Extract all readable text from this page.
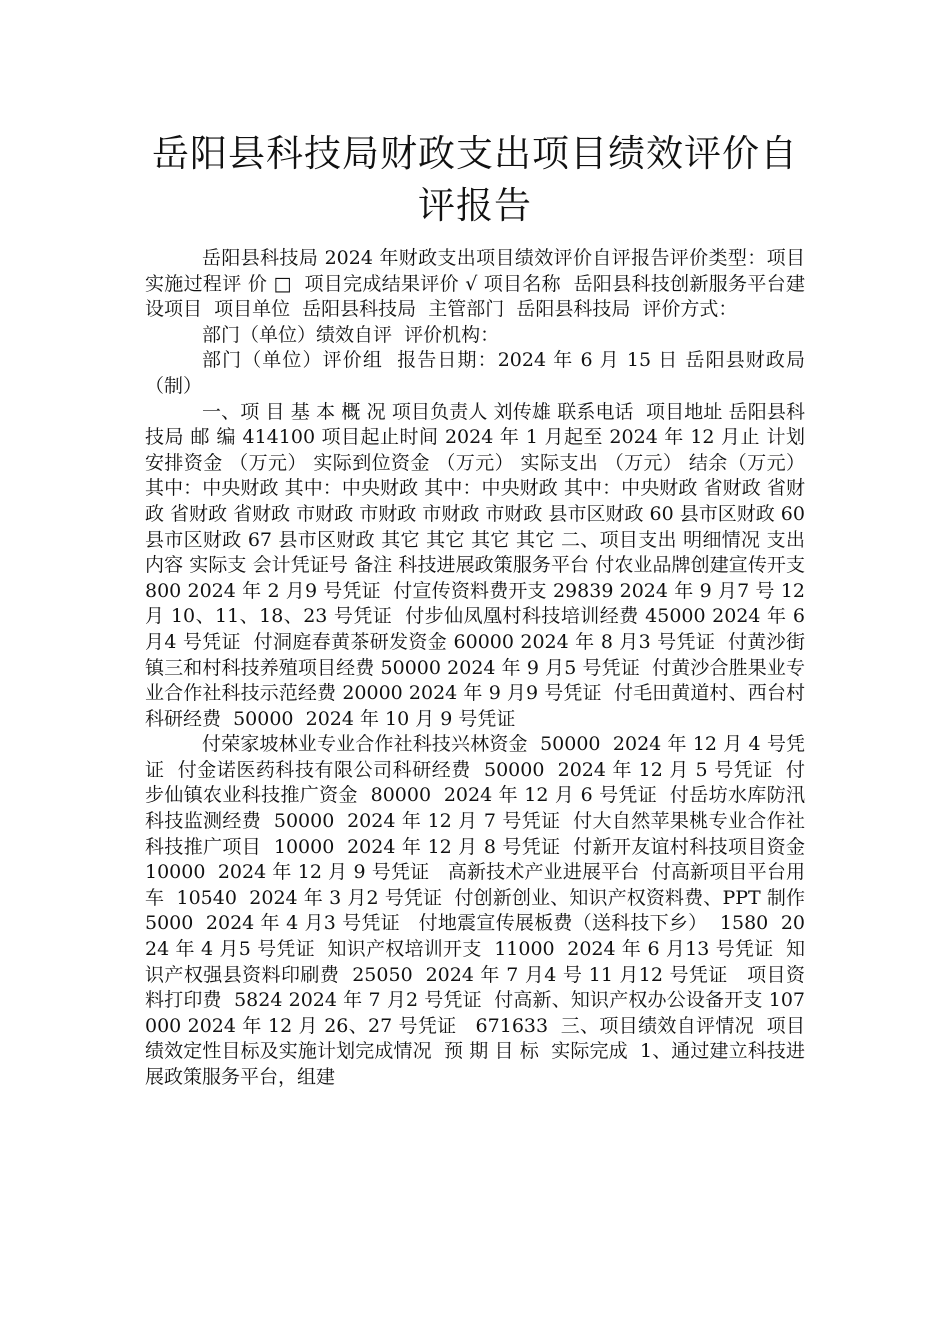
岳阳县科技局财政支出项目绩效评价自评报告

岳阳县科技局 2024 年财政支出项目绩效评价自评报告评价类型：项目实施过程评 价 □  项目完成结果评价 √ 项目名称  岳阳县科技创新服务平台建设项目  项目单位  岳阳县科技局  主管部门  岳阳县科技局  评价方式：

部门（单位）绩效自评  评价机构：

部门（单位）评价组  报告日期：2024 年 6 月 15 日 岳阳县财政局（制）

一、项 目 基 本 概 况 项目负责人 刘传雄 联系电话  项目地址 岳阳县科技局 邮 编 414100 项目起止时间 2024 年 1 月起至 2024 年 12 月止 计划安排资金 （万元） 实际到位资金 （万元） 实际支出 （万元） 结余（万元） 其中：中央财政 其中：中央财政 其中：中央财政 其中：中央财政 省财政 省财政 省财政 省财政 市财政 市财政 市财政 市财政 县市区财政 60 县市区财政 60 县市区财政 67 县市区财政 其它 其它 其它 其它 二、项目支出 明细情况 支出内容 实际支 会计凭证号 备注 科技进展政策服务平台 付农业品牌创建宣传开支 800 2024 年 2 月9 号凭证  付宣传资料费开支 29839 2024 年 9 月7 号 12 月 10、11、18、23 号凭证  付步仙凤凰村科技培训经费 45000 2024 年 6 月4 号凭证  付洞庭春黄茶研发资金 60000 2024 年 8 月3 号凭证  付黄沙街镇三和村科技养殖项目经费 50000 2024 年 9 月5 号凭证  付黄沙合胜果业专业合作社科技示范经费 20000 2024 年 9 月9 号凭证  付毛田黄道村、西台村科研经费  50000  2024 年 10 月 9 号凭证

付荣家坡林业专业合作社科技兴林资金  50000  2024 年 12 月 4 号凭证  付金诺医药科技有限公司科研经费  50000  2024 年 12 月 5 号凭证  付步仙镇农业科技推广资金  80000  2024 年 12 月 6 号凭证  付岳坊水库防汛科技监测经费  50000  2024 年 12 月 7 号凭证  付大自然苹果桃专业合作社科技推广项目  10000  2024 年 12 月 8 号凭证  付新开友谊村科技项目资金  10000  2024 年 12 月 9 号凭证   高新技术产业进展平台  付高新项目平台用车  10540  2024 年 3 月2 号凭证  付创新创业、知识产权资料费、PPT 制作  5000  2024 年 4 月3 号凭证   付地震宣传展板费（送科技下乡）  1580  2024 年 4 月5 号凭证  知识产权培训开支  11000  2024 年 6 月13 号凭证  知识产权强县资料印刷费  25050  2024 年 7 月4 号 11 月12 号凭证   项目资料打印费  5824 2024 年 7 月2 号凭证  付高新、知识产权办公设备开支 107000 2024 年 12 月 26、27 号凭证   671633  三、项目绩效自评情况  项目绩效定性目标及实施计划完成情况  预 期 目 标  实际完成  1、通过建立科技进展政策服务平台，组建
